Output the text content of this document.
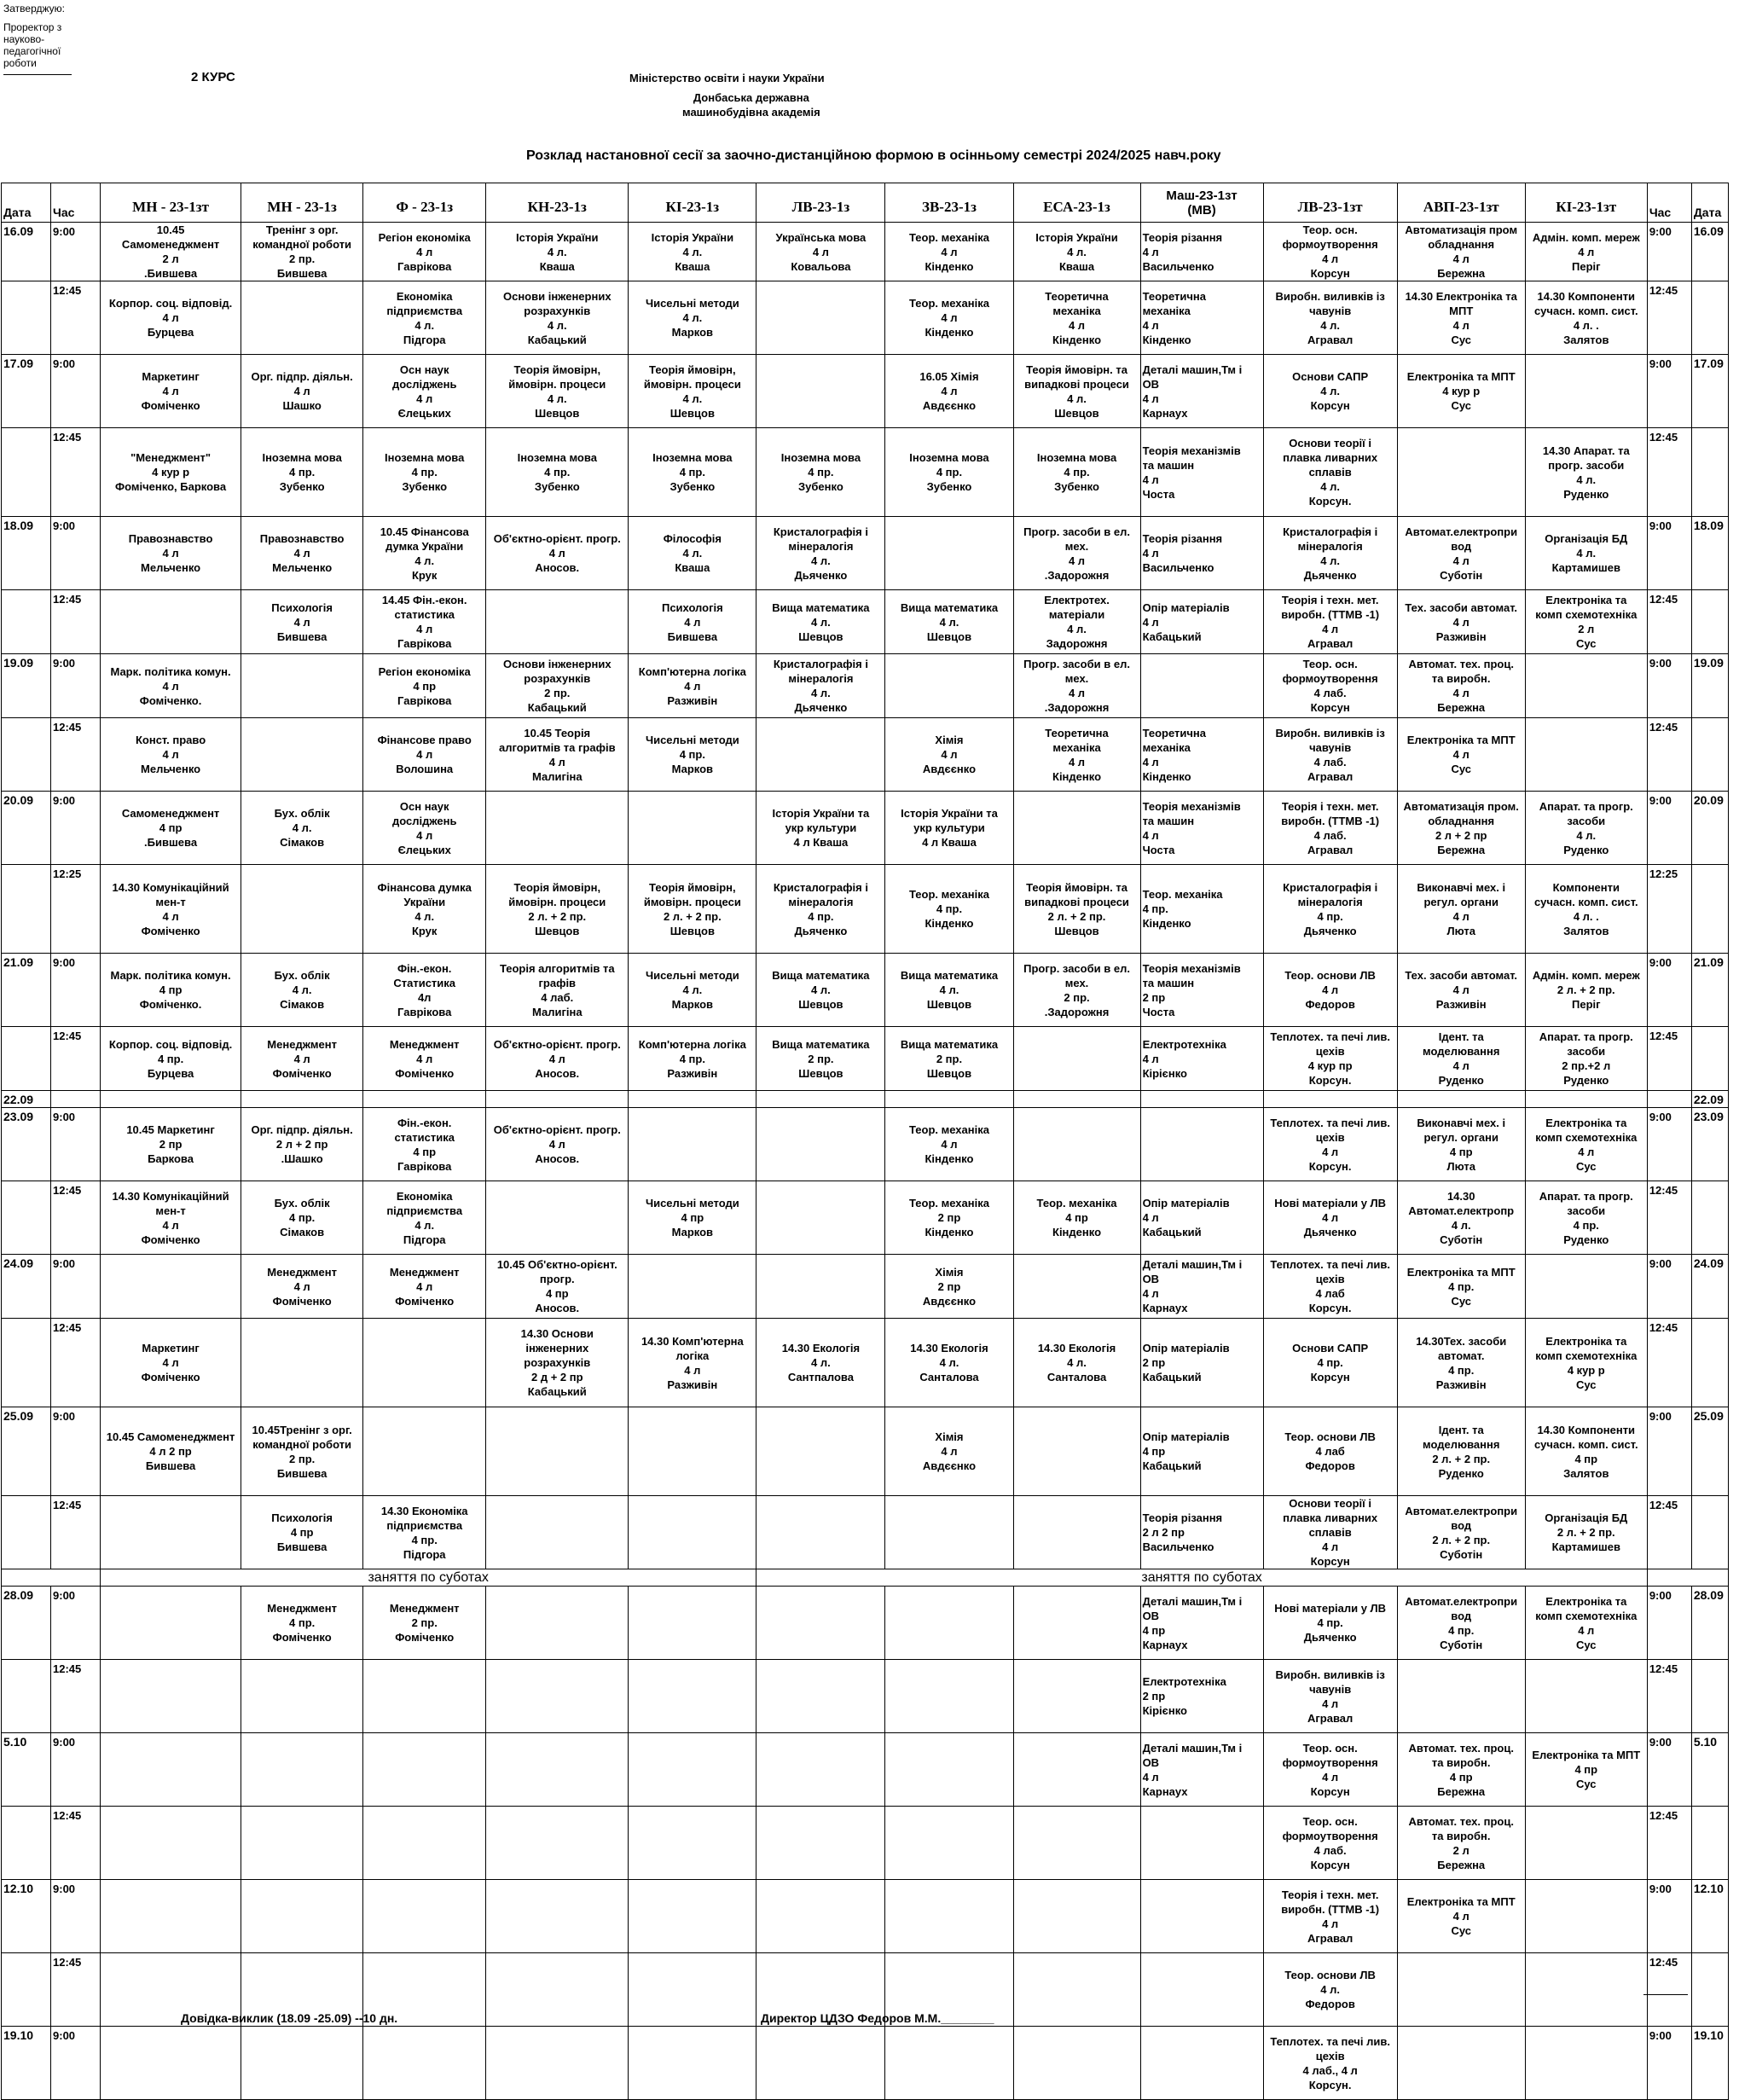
Затверджую:
Проректор з
науково-
педагогічної
роботи
2 КУРС	Міністерство освіти і науки України
Донбаська державна
машинобудівна академія
Розклад настановної сесії за заочно-дистанційною формою в осінньому семестрі 2024/2025 навч.року
Дата	Час	МН - 23-1зт	МН - 23-1з	Ф - 23-1з	КН-23-1з	КІ-23-1з	ЛВ-23-1з	ЗВ-23-1з	ЕСА-23-1з	Маш-23-1зт
(МВ)	ЛВ-23-1зт	АВП-23-1зт	КІ-23-1зт	Час	Дата
16.09	9:00	10.45
Самоменеджмент
2 л
.Бившева	Тренінг з орг.
командної роботи
2 пр.
Бившева	Регіон економіка
4 л
Гаврікова	Історія України
4 л.
Кваша	Історія України
4 л.
Кваша	Українська мова
4 л
Ковальова	Теор. механіка
4 л
Кінденко	Історія України
4 л.
Кваша	Теорія різання
4 л
Васильченко	Теор. осн.
формоутворення
4 л
Корсун	Автоматизація пром
обладнання
4 л
Бережна	Адмін. комп. мереж
4 л
Періг	9:00	16.09
	12:45	Корпор. соц. відповід.
4 л
Бурцева		Економіка
підприємства
4 л.
Підгора	Основи інженерних
розрахунків
4 л.
Кабацький	Чисельні методи
4 л.
Марков		Теор. механіка
4 л
Кінденко	Теоретична
механіка
4 л
Кінденко	Теоретична
механіка
4 л
Кінденко	Виробн. виливків із
чавунів
4 л.
Агравал	14.30 Електроніка та
МПТ
4 л
Сус	14.30 Компоненти
сучасн. комп. сист.
4 л. .
Залятов	12:45	
17.09	9:00	Маркетинг
4 л
Фоміченко	Орг. підпр. діяльн.
4 л
Шашко	Осн наук
досліджень
4 л
Єлецьких	Теорія ймовірн,
ймовірн. процеси
4 л.
Шевцов	Теорія ймовірн,
ймовірн. процеси
4 л.
Шевцов		16.05 Хімія
4 л
Авдєєнко	Теорія ймовірн. та
випадкові процеси
4 л.
Шевцов	Деталі машин,Тм і
ОВ
4 л
Карнаух	Основи САПР
4 л.
Корсун	Електроніка та МПТ
4 кур р
Сус		9:00	17.09
	12:45	"Менеджмент"
4 кур р
Фоміченко, Баркова	Іноземна мова
4 пр.
Зубенко	Іноземна мова
4 пр.
Зубенко	Іноземна мова
4 пр.
Зубенко	Іноземна мова
4 пр.
Зубенко	Іноземна мова
4 пр.
Зубенко	Іноземна мова
4 пр.
Зубенко	Іноземна мова
4 пр.
Зубенко	Теорія механізмів
та машин
4 л
Чоста	Основи теорії і
плавка ливарних
сплавів
4 л.
Корсун.		14.30 Апарат. та
прогр. засоби
4 л.
Руденко	12:45	
18.09	9:00	Правознавство
4 л
Мельченко	Правознавство
4 л
Мельченко	10.45 Фінансова
думка України
4 л.
Крук	Об'єктно-орієнт. прогр.
4 л
Аносов.	Філософія
4 л.
Кваша	Кристалографія і
мінералогія
4 л.
Дьяченко		Прогр. засоби в ел.
мех.
4 л
.Задорожня	Теорія різання
4 л
Васильченко	Кристалографія і
мінералогія
4 л.
Дьяченко	Автомат.електропри
вод
4 л
Суботін	Організація БД
4 л.
Картамишев	9:00	18.09
	12:45		Психологія
4 л
Бившева	14.45 Фін.-екон.
статистика
4 л
Гаврікова		Психологія
4 л
Бившева	Вища математика
4 л.
Шевцов	Вища математика
4 л.
Шевцов	Електротех.
матеріали
4 л.
Задорожня	Опір матеріалів
4 л
Кабацький	Теорія і техн. мет.
виробн. (ТТМВ -1)
4 л
Агравал	Тех. засоби автомат.
4 л
Разживін	Електроніка та
комп схемотехніка
2 л
Сус	12:45	
19.09	9:00	Марк. політика комун.
4 л
Фоміченко.		Регіон економіка
4 пр
Гаврікова	Основи інженерних
розрахунків
2 пр.
Кабацький	Комп'ютерна логіка
4 л
Разживін	Кристалографія і
мінералогія
4 л.
Дьяченко		Прогр. засоби в ел.
мех.
4 л
.Задорожня		Теор. осн.
формоутворення
4 лаб.
Корсун	Автомат. тех. проц.
та виробн.
4 л
Бережна		9:00	19.09
	12:45	Конст. право
4 л
Мельченко		Фінансове право
4 л
Волошина	10.45 Теорія
алгоритмів та графів
4 л
Малигіна	Чисельні методи
4 пр.
Марков		Хімія
4 л
Авдєєнко	Теоретична
механіка
4 л
Кінденко	Теоретична
механіка
4 л
Кінденко	Виробн. виливків із
чавунів
4 лаб.
Агравал	Електроніка та МПТ
4 л
Сус		12:45	
20.09	9:00	Самоменеджмент
4 пр
.Бившева	Бух. облік
4 л.
Сімаков	Осн наук
досліджень
4 л
Єлецьких			Історія України та
укр культури
4 л Кваша	Історія України та
укр культури
4 л Кваша		Теорія механізмів
та машин
4 л
Чоста	Теорія і техн. мет.
виробн. (ТТМВ -1)
4 лаб.
Агравал	Автоматизація пром.
обладнання
2 л + 2 пр
Бережна	Апарат. та прогр.
засоби
4 л.
Руденко	9:00	20.09
	12:25	14.30 Комунікаційний
мен-т
4 л
Фоміченко		Фінансова думка
України
4 л.
Крук	Теорія ймовірн,
ймовірн. процеси
2 л. + 2 пр.
Шевцов	Теорія ймовірн,
ймовірн. процеси
2 л. + 2 пр.
Шевцов	Кристалографія і
мінералогія
4 пр.
Дьяченко	Теор. механіка
4 пр.
Кінденко	Теорія ймовірн. та
випадкові процеси
2 л. + 2 пр.
Шевцов	Теор. механіка
4 пр.
Кінденко	Кристалографія і
мінералогія
4 пр.
Дьяченко	Виконавчі мех. і
регул. органи
4 л
Люта	Компоненти
сучасн. комп. сист.
4 л. .
Залятов	12:25	
21.09	9:00	Марк. політика комун.
4 пр
Фоміченко.	Бух. облік
4 л.
Сімаков	Фін.-екон.
Статистика
4л
Гаврікова	Теорія алгоритмів та
графів
4 лаб.
Малигіна	Чисельні методи
4 л.
Марков	Вища математика
4 л.
Шевцов	Вища математика
4 л.
Шевцов	Прогр. засоби в ел.
мех.
2 пр.
.Задорожня	Теорія механізмів
та машин
2 пр
Чоста	Теор. основи ЛВ
4 л
Федоров	Тех. засоби автомат.
4 л
Разживін	Адмін. комп. мереж
2 л. + 2 пр.
Періг	9:00	21.09
	12:45	Корпор. соц. відповід.
4 пр.
Бурцева	Менеджмент
4 л
Фоміченко	Менеджмент
4 л
Фоміченко	Об'єктно-орієнт. прогр.
4 л
Аносов.	Комп'ютерна логіка
4 пр.
Разживін	Вища математика
2 пр.
Шевцов	Вища математика
2 пр.
Шевцов		Електротехніка
4 л
Кірієнко	Теплотех. та печі лив.
цехів
4 кур пр
Корсун.	Ідент. та
моделювання
4 л
Руденко	Апарат. та прогр.
засоби
2 пр.+2 л
Руденко	12:45	
22.09															22.09
23.09	9:00	10.45 Маркетинг
2 пр
Баркова	Орг. підпр. діяльн.
2 л + 2 пр
.Шашко	Фін.-екон.
статистика
4 пр
Гаврікова	Об'єктно-орієнт. прогр.
4 л
Аносов.			Теор. механіка
4 л
Кінденко			Теплотех. та печі лив.
цехів
4 л
Корсун.	Виконавчі мех. і
регул. органи
4 пр
Люта	Електроніка та
комп схемотехніка
4 л
Сус	9:00	23.09
	12:45	14.30 Комунікаційний
мен-т
4 л
Фоміченко	Бух. облік
4 пр.
Сімаков	Економіка
підприємства
4 л.
Підгора		Чисельні методи
4 пр
Марков		Теор. механіка
2 пр
Кінденко	Теор. механіка
4 пр
Кінденко	Опір матеріалів
4 л
Кабацький	Нові матеріали у ЛВ
4 л
Дьяченко	14.30
Автомат.електропр
4 л.
Суботін	Апарат. та прогр.
засоби
4 пр.
Руденко	12:45	
24.09	9:00		Менеджмент
4 л
Фоміченко	Менеджмент
4 л
Фоміченко	10.45 Об'єктно-орієнт.
прогр.
4 пр
Аносов.			Хімія
2 пр
Авдєєнко		Деталі машин,Тм і
ОВ
4 л
Карнаух	Теплотех. та печі лив.
цехів
4 лаб
Корсун.	Електроніка та МПТ
4 пр.
Сус		9:00	24.09
	12:45	Маркетинг
4 л
Фоміченко			14.30 Основи
інженерних
розрахунків
2 д + 2 пр
Кабацький	14.30 Комп'ютерна
логіка
4 л
Разживін	14.30 Екологія
4 л.
Сантпалова	14.30 Екологія
4 л.
Санталова	14.30 Екологія
4 л.
Санталова	Опір матеріалів
2 пр
Кабацький	Основи САПР
4 пр.
Корсун	14.30Тех. засоби
автомат.
4 пр.
Разживін	Електроніка та
комп схемотехніка
4 кур р
Сус	12:45	
25.09	9:00	10.45 Самоменеджмент
4 л 2 пр
Бившева	10.45Тренінг з орг.
командної роботи
2 пр.
Бившева					Хімія
4 л
Авдєєнко		Опір матеріалів
4 пр
Кабацький	Теор. основи ЛВ
4 лаб
Федоров	Ідент. та
моделювання
2 л. + 2 пр.
Руденко	14.30 Компоненти
сучасн. комп. сист.
4 пр
Залятов	9:00	25.09
	12:45		Психологія
4 пр
Бившева	14.30 Економіка
підприємства
4 пр.
Підгора						Теорія різання
2 л 2 пр
Васильченко	Основи теорії і
плавка ливарних
сплавів
4 л
Корсун	Автомат.електропри
вод
2 л. + 2 пр.
Суботін	Організація БД
2 л. + 2 пр.
Картамишев	12:45	
		заняття по суботах					заняття по суботах								
28.09	9:00		Менеджмент
4 пр.
Фоміченко	Менеджмент
2 пр.
Фоміченко						Деталі машин,Тм і
ОВ
4 пр
Карнаух	Нові матеріали у ЛВ
4 пр.
Дьяченко	Автомат.електропри
вод
4 пр.
Суботін	Електроніка та
комп схемотехніка
4 л
Сус	9:00	28.09
	12:45									Електротехніка
2 пр
Кірієнко	Виробн. виливків із
чавунів
4 л
Агравал			12:45	
5.10	9:00									Деталі машин,Тм і
ОВ
4 л
Карнаух	Теор. осн.
формоутворення
4 л
Корсун	Автомат. тех. проц.
та виробн.
4 пр
Бережна	Електроніка та МПТ
4 пр
Сус	9:00	5.10
	12:45										Теор. осн.
формоутворення
4 лаб.
Корсун	Автомат. тех. проц.
та виробн.
2 л
Бережна		12:45	
12.10	9:00										Теорія і техн. мет.
виробн. (ТТМВ -1)
4 л
Агравал	Електроніка та МПТ
4 л
Сус		9:00	12.10
	12:45										Теор. основи ЛВ
4 л.
Федоров			12:45	
19.10	9:00										Теплотех. та печі лив.
цехів
4 лаб., 4 л
Корсун.			9:00	19.10
Довідка-виклик (18.09 -25.09) --10 дн.	Директор ЦДЗО Федоров М.М.________
